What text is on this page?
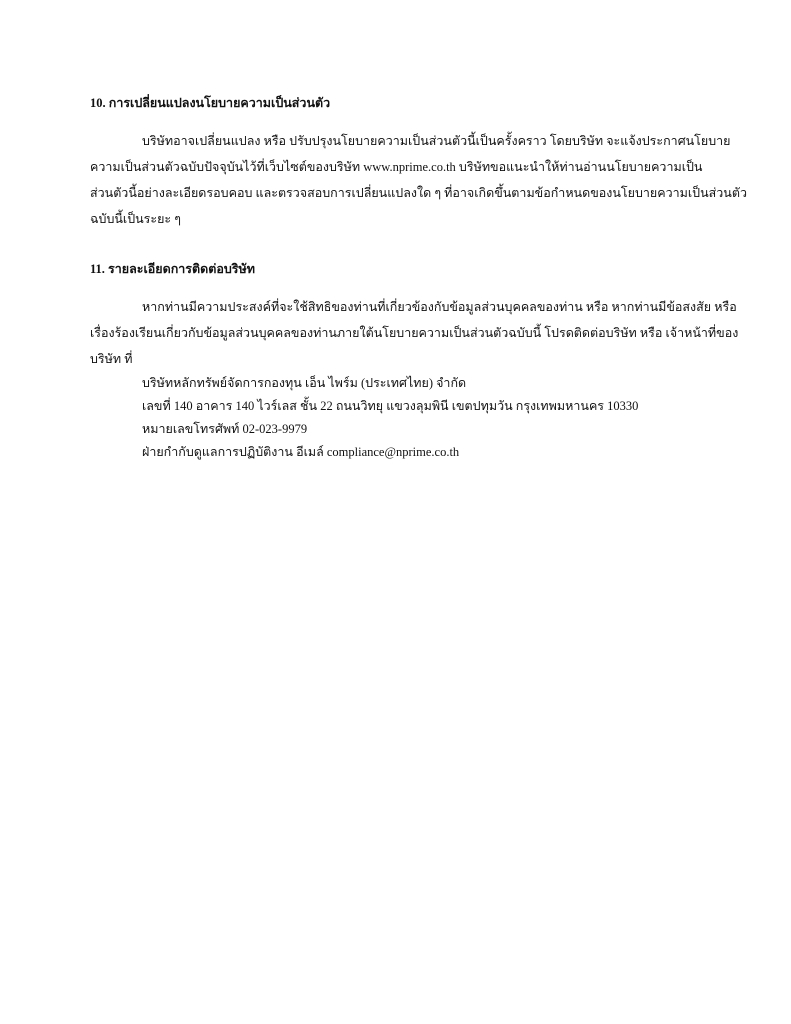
10. การเปลี่ยนแปลงนโยบายความเป็นส่วนตัว

บริษัทอาจเปลี่ยนแปลง หรือ ปรับปรุงนโยบายความเป็นส่วนตัวนี้เป็นครั้งคราว โดยบริษัท จะแจ้งประกาศนโยบาย
ความเป็นส่วนตัวฉบับปัจจุบันไว้ที่เว็บไซต์ของบริษัท www.nprime.co.th บริษัทขอแนะนำให้ท่านอ่านนโยบายความเป็น
ส่วนตัวนี้อย่างละเอียดรอบคอบ และตรวจสอบการเปลี่ยนแปลงใด ๆ ที่อาจเกิดขึ้นตามข้อกำหนดของนโยบายความเป็นส่วนตัว
ฉบับนี้เป็นระยะ ๆ

11. รายละเอียดการติดต่อบริษัท

หากท่านมีความประสงค์ที่จะใช้สิทธิของท่านที่เกี่ยวข้องกับข้อมูลส่วนบุคคลของท่าน หรือ หากท่านมีข้อสงสัย หรือ
เรื่องร้องเรียนเกี่ยวกับข้อมูลส่วนบุคคลของท่านภายใต้นโยบายความเป็นส่วนตัวฉบับนี้ โปรดติดต่อบริษัท หรือ เจ้าหน้าที่ของ
บริษัท ที่

บริษัทหลักทรัพย์จัดการกองทุน เอ็น ไพร์ม (ประเทศไทย) จำกัด
เลขที่ 140 อาคาร 140 ไวร์เลส ชั้น 22 ถนนวิทยุ แขวงลุมพินี เขตปทุมวัน กรุงเทพมหานคร 10330
หมายเลขโทรศัพท์ 02-023-9979
ฝ่ายกำกับดูแลการปฏิบัติงาน อีเมล์ compliance@nprime.co.th
